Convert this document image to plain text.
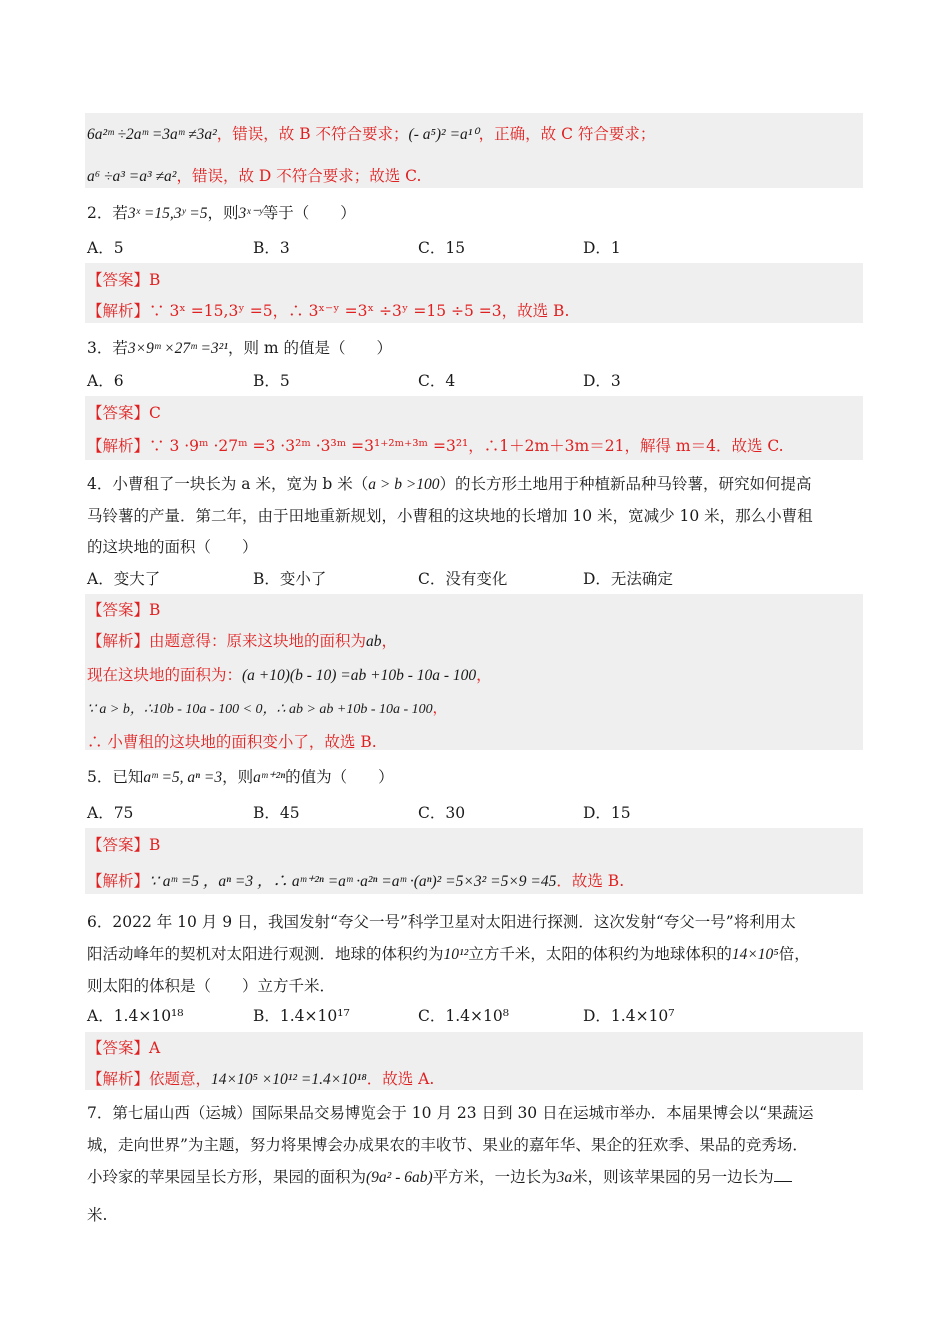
6a²ᵐ ÷2aᵐ =3aᵐ ≠3a²，错误，故 B 不符合要求；(- a⁵)² =a¹⁰，正确，故 C 符合要求；
a⁶ ÷a³ =a³ ≠a²，错误，故 D 不符合要求；故选 C.
2．若3ˣ =15,3ʸ =5，则3ˣ⁻ʸ等于（　　）
A．5	B．3	C．15	D．1
【答案】B
【解析】∵ 3ˣ =15,3ʸ =5，∴ 3ˣ⁻ʸ =3ˣ ÷3ʸ =15 ÷5 =3，故选 B.
3．若3×9ᵐ ×27ᵐ =3²¹，则 m 的值是（　　）
A．6	B．5	C．4	D．3
【答案】C
【解析】∵ 3 ·9ᵐ ·27ᵐ =3 ·3²ᵐ ·3³ᵐ =3¹⁺²ᵐ⁺³ᵐ =3²¹，∴1＋2m＋3m＝21，解得 m＝4．故选 C.
4．小曹租了一块长为 a 米，宽为 b 米（a > b >100）的长方形土地用于种植新品种马铃薯，研究如何提高
马铃薯的产量．第二年，由于田地重新规划，小曹租的这块地的长增加 10 米，宽减少 10 米，那么小曹租
的这块地的面积（　　）
A．变大了	B．变小了	C．没有变化	D．无法确定
【答案】B
【解析】由题意得：原来这块地的面积为ab，
现在这块地的面积为：(a +10)(b - 10) =ab +10b - 10a - 100，
∵ a > b，∴10b - 10a - 100 < 0，∴ ab > ab +10b - 10a - 100，
∴ 小曹租的这块地的面积变小了，故选 B.
5．已知aᵐ =5, aⁿ =3，则aᵐ⁺²ⁿ的值为（　　）
A．75	B．45	C．30	D．15
【答案】B
【解析】∵ aᵐ =5 ，aⁿ =3 ，∴ aᵐ⁺²ⁿ =aᵐ ·a²ⁿ =aᵐ ·(aⁿ)² =5×3² =5×9 =45．故选 B.
6．2022 年 10 月 9 日，我国发射“夸父一号”科学卫星对太阳进行探测．这次发射“夸父一号”将利用太
阳活动峰年的契机对太阳进行观测．地球的体积约为10¹²立方千米，太阳的体积约为地球体积的14×10⁵倍，
则太阳的体积是（　　）立方千米．
A．1.4×10¹⁸	B．1.4×10¹⁷	C．1.4×10⁸	D．1.4×10⁷
【答案】A
【解析】依题意，14×10⁵ ×10¹² =1.4×10¹⁸．故选 A.
7．第七届山西（运城）国际果品交易博览会于 10 月 23 日到 30 日在运城市举办．本届果博会以“果蔬运
城，走向世界”为主题，努力将果博会办成果农的丰收节、果业的嘉年华、果企的狂欢季、果品的竞秀场．
小玲家的苹果园呈长方形，果园的面积为(9a² - 6ab)平方米，一边长为3a米，则该苹果园的另一边长为
米.
